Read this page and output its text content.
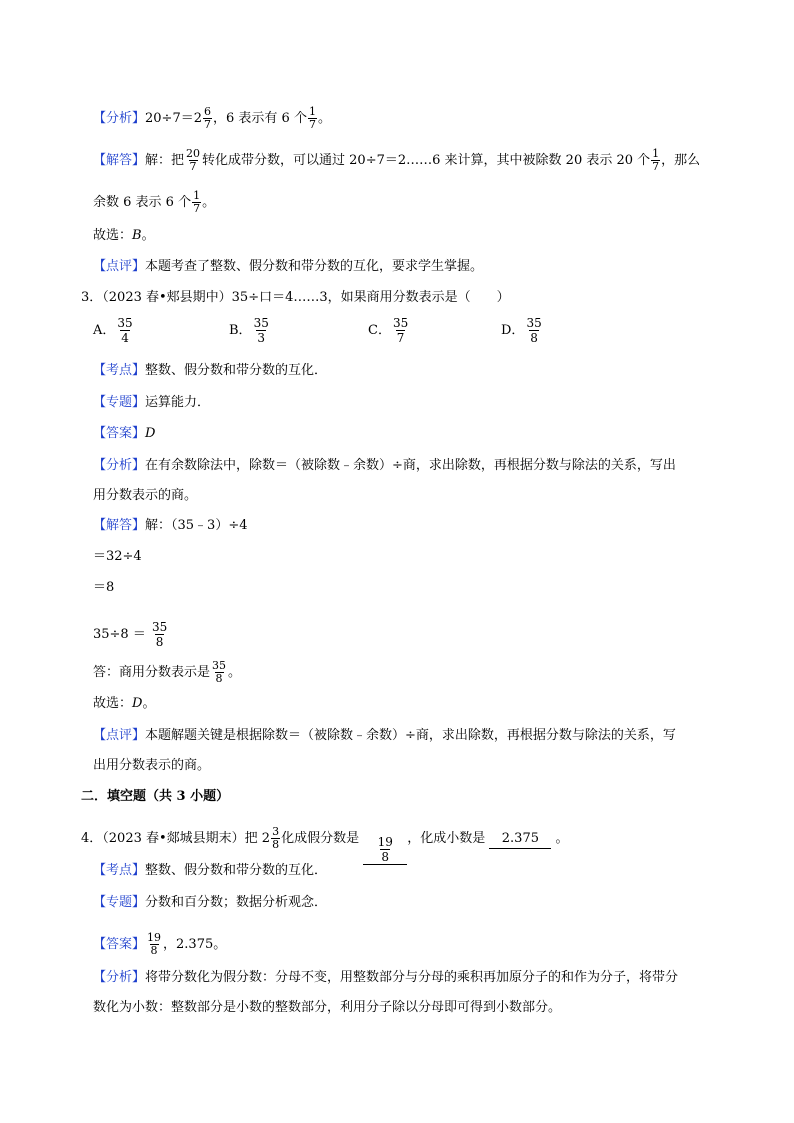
【分析】$20\div 7=2 \frac{6}{7}$ ，6 表示有 6 个 $\frac{1}{7}$ 。
【解答】解：把 $\frac{20}{7}$ 转化成带分数，可以通过 20÷7＝2……6 来计算，其中被除数 20 表示 20 个 $\frac{1}{7}$ ，那么
余数 6 表示 6 个 $\frac{1}{7}$ 。
故选：B。
【点评】本题考查了整数、假分数和带分数的互化，要求学生掌握。
3．（2023 春•郏县期中）35÷口＝4……3，如果商用分数表示是（　　）
A． $\frac{35}{4}$	B． $\frac{35}{3}$	C． $\frac{35}{7}$	D． $\frac{35}{8}$
【考点】整数、假分数和带分数的互化．
【专题】运算能力．
【答案】D
【分析】在有余数除法中，除数＝（被除数﹣余数）÷商，求出除数，再根据分数与除法的关系，写出
用分数表示的商。
【解答】解：（35﹣3）÷4
＝32÷4
＝8
$35\div 8 = \frac{35}{8}$
答：商用分数表示是 $\frac{35}{8}$ 。
故选：D。
【点评】本题解题关键是根据除数＝（被除数﹣余数）÷商，求出除数，再根据分数与除法的关系，写
出用分数表示的商。
二．填空题（共 3 小题）
4．（2023 春•郯城县期末）把 $2 \frac{3}{8}$ 化成假分数是 $\frac{19}{8}$ ，化成小数是 2.375 。
【考点】整数、假分数和带分数的互化．
【专题】分数和百分数；数据分析观念．
【答案】 $\frac{19}{8}$ ，2.375。
【分析】将带分数化为假分数：分母不变，用整数部分与分母的乘积再加原分子的和作为分子，将带分
数化为小数：整数部分是小数的整数部分，利用分子除以分母即可得到小数部分。
